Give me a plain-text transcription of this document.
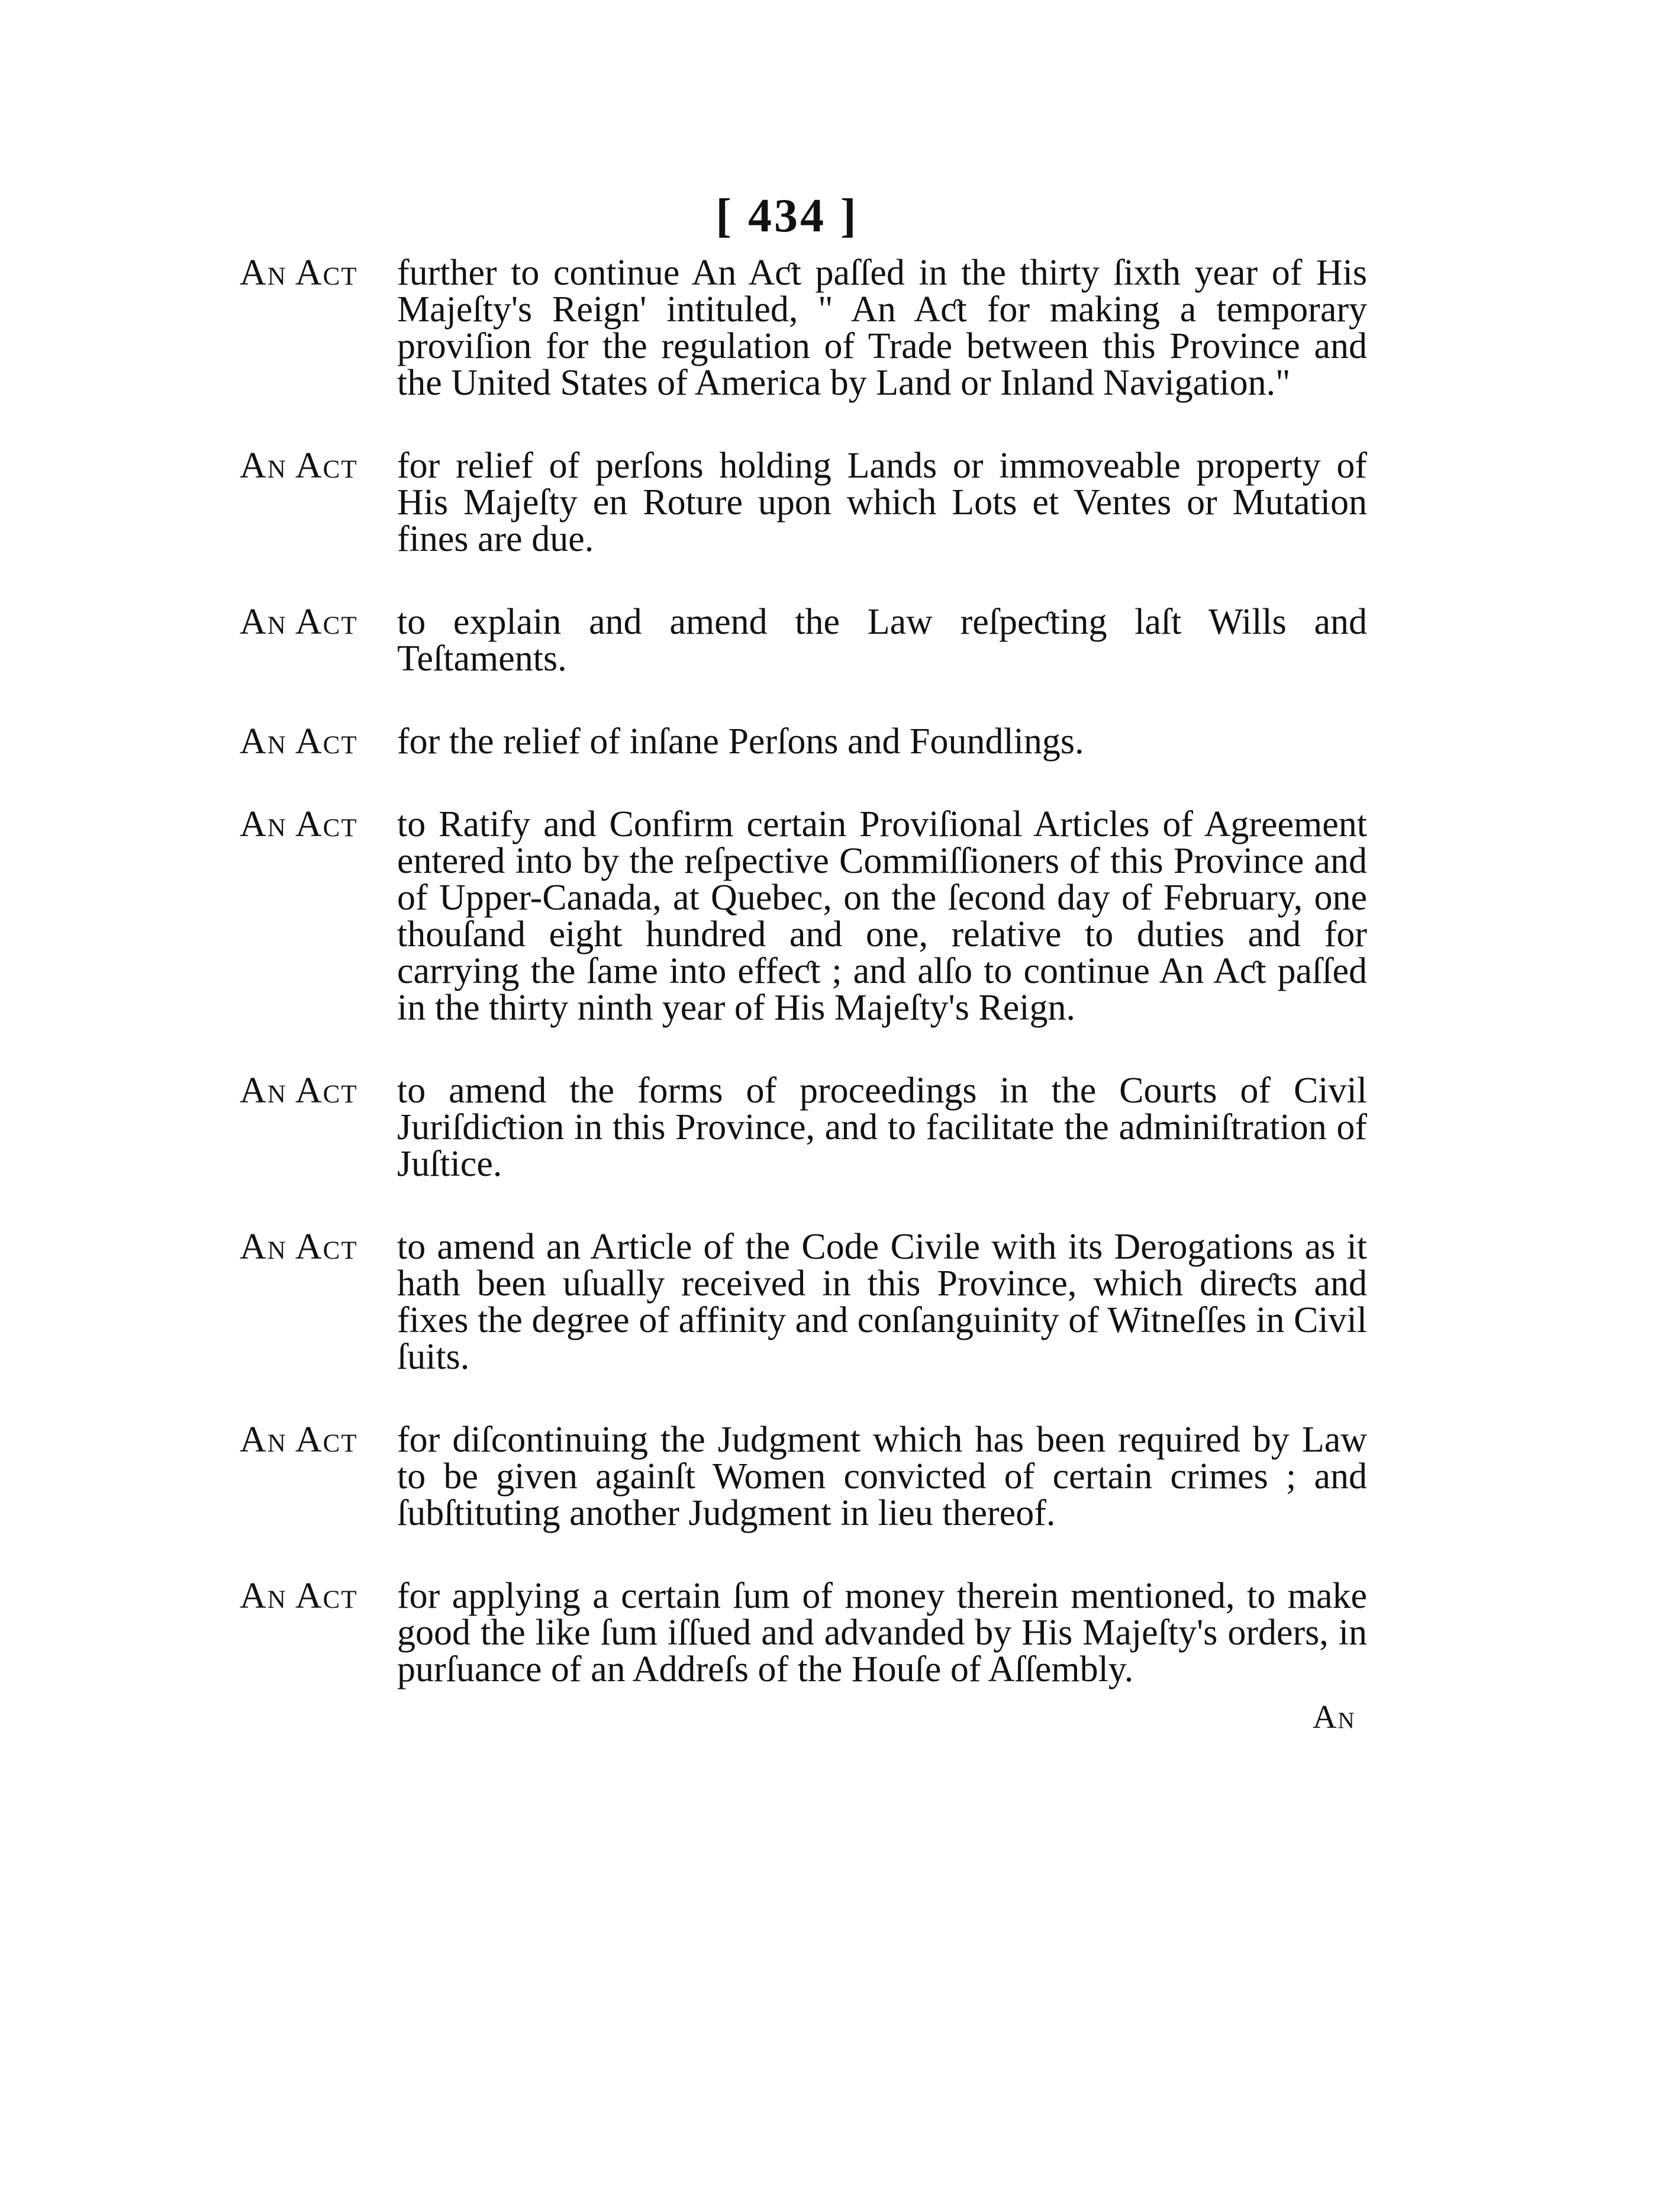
[ 434 ]
An Act	further to continue An Aƈt paſſed in the thirty ſixth year of His Majeſty's Reign' intituled, " An Aƈt for making a temporary proviſion for the regulation of Trade between this Province and the United States of America by Land or Inland Navigation."
An Act	for relief of perſons holding Lands or immoveable property of His Majeſty en Roture upon which Lots et Ventes or Mutation fines are due.
An Act	to explain and amend the Law reſpeƈting laſt Wills and Teſtaments.
An Act	for the relief of inſane Perſons and Foundlings.
An Act	to Ratify and Confirm certain Proviſional Articles of Agreement entered into by the reſpective Commiſſioners of this Province and of Upper-Canada, at Quebec, on the ſecond day of February, one thouſand eight hundred and one, relative to duties and for carrying the ſame into effeƈt ; and alſo to continue An Aƈt paſſed in the thirty ninth year of His Majeſty's Reign.
An Act	to amend the forms of proceedings in the Courts of Civil Juriſdiƈtion in this Province, and to facilitate the adminiſtration of Juſtice.
An Act	to amend an Article of the Code Civile with its Derogations as it hath been uſually received in this Province, which direƈts and fixes the degree of affinity and conſanguinity of Witneſſes in Civil ſuits.
An Act	for diſcontinuing the Judgment which has been required by Law to be given againſt Women convicted of certain crimes ; and ſubſtituting another Judgment in lieu thereof.
An Act	for applying a certain ſum of money therein mentioned, to make good the like ſum iſſued and advanded by His Majeſty's orders, in purſuance of an Addreſs of the Houſe of Aſſembly.
An
